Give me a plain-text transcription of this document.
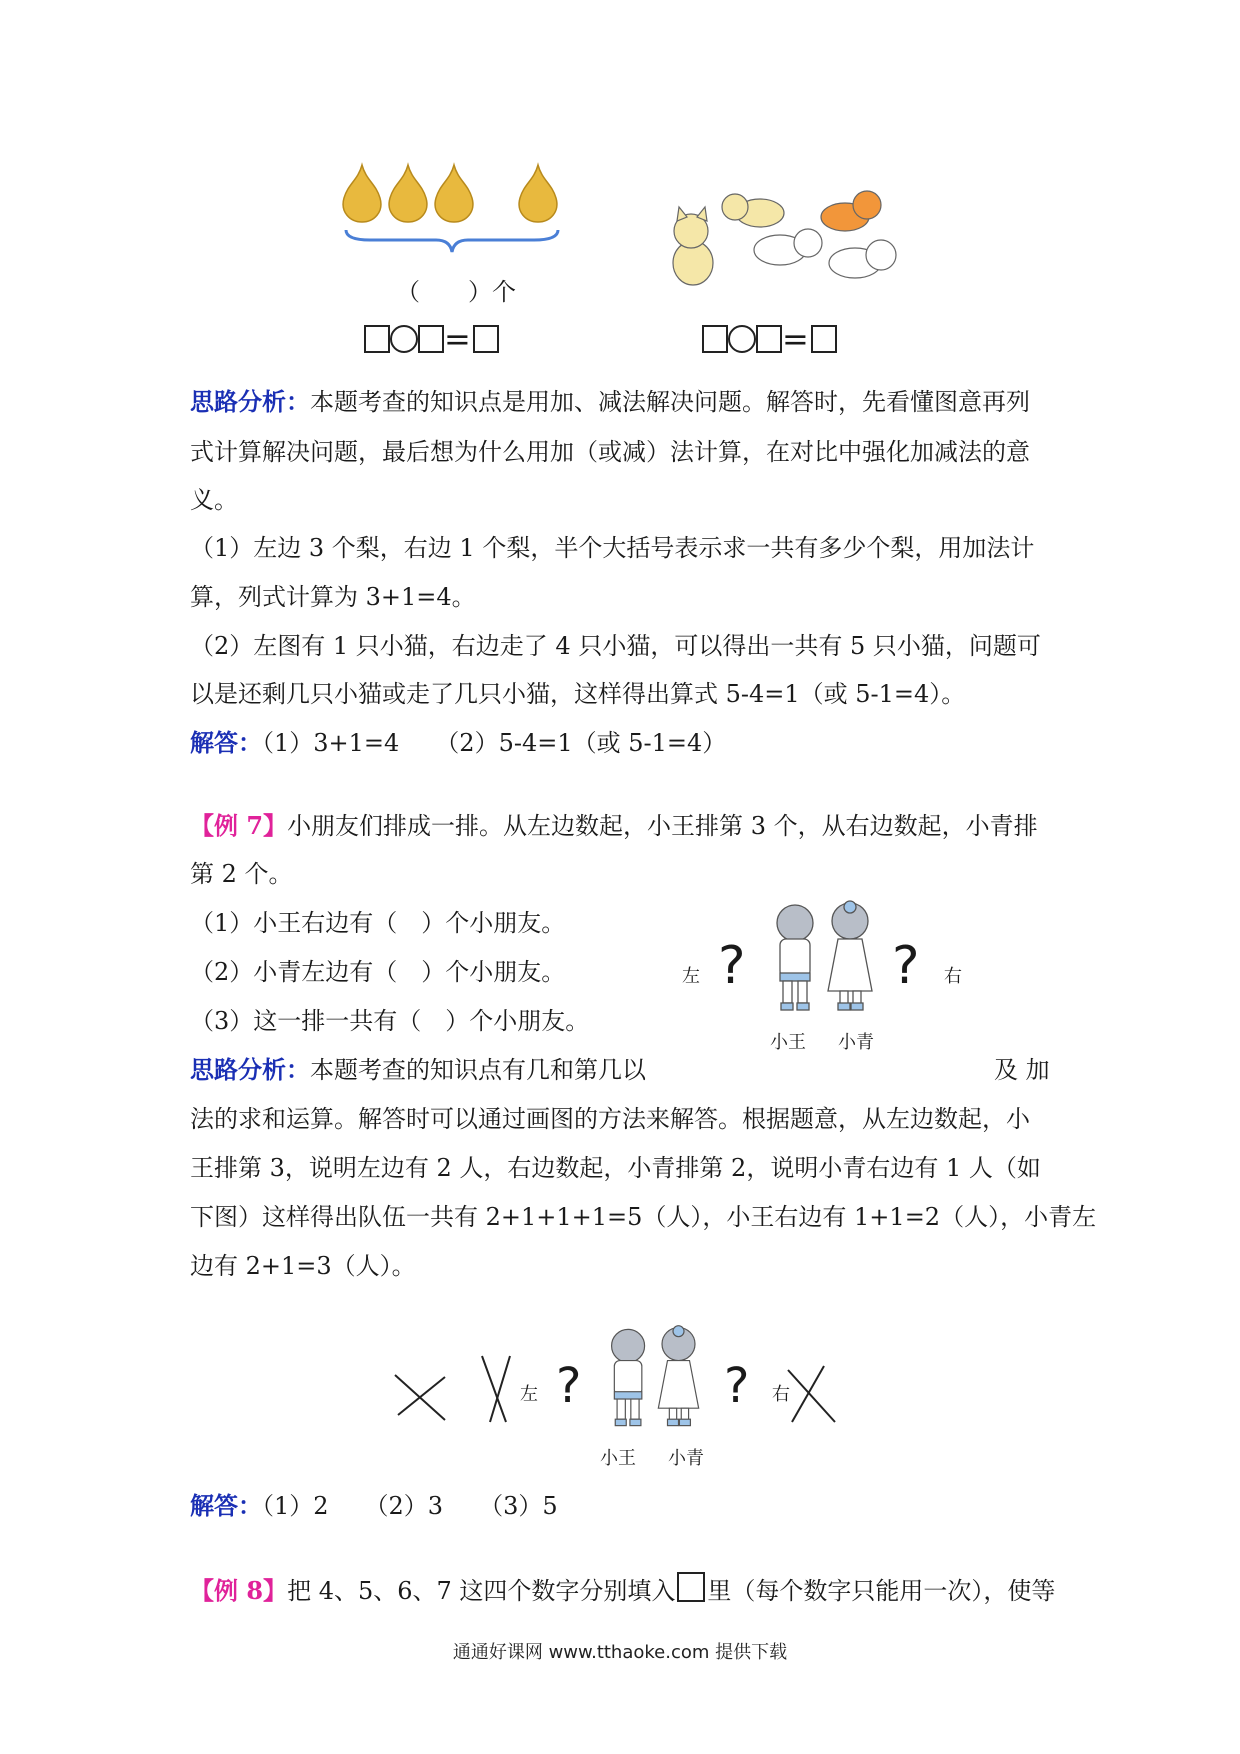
（　　）个
=	=
思路分析：本题考查的知识点是用加、减法解决问题。解答时，先看懂图意再列
式计算解决问题，最后想为什么用加（或减）法计算，在对比中强化加减法的意
义。
（1）左边 3 个梨，右边 1 个梨，半个大括号表示求一共有多少个梨，用加法计
算，列式计算为 3+1=4。
（2）左图有 1 只小猫，右边走了 4 只小猫，可以得出一共有 5 只小猫，问题可
以是还剩几只小猫或走了几只小猫，这样得出算式 5-4=1（或 5-1=4）。
解答：（1）3+1=4　　（2）5-4=1（或 5-1=4）
【例 7】小朋友们排成一排。从左边数起，小王排第 3 个，从右边数起，小青排
第 2 个。
（1）小王右边有（　）个小朋友。
（2）小青左边有（　）个小朋友。
（3）这一排一共有（　）个小朋友。
左 ?	? 右
小王 小青
思路分析：本题考查的知识点有几和第几以	及 加
法的求和运算。解答时可以通过画图的方法来解答。根据题意，从左边数起，小
王排第 3，说明左边有 2 人，右边数起，小青排第 2，说明小青右边有 1 人（如
下图）这样得出队伍一共有 2+1+1+1=5（人），小王右边有 1+1=2（人），小青左
边有 2+1=3（人）。
左 ?	? 右
小王 小青
解答：（1）2　　（2）3　　（3）5
【例 8】把 4、5、6、7 这四个数字分别填入 里（每个数字只能用一次），使等
通通好课网 www.tthaoke.com 提供下载
